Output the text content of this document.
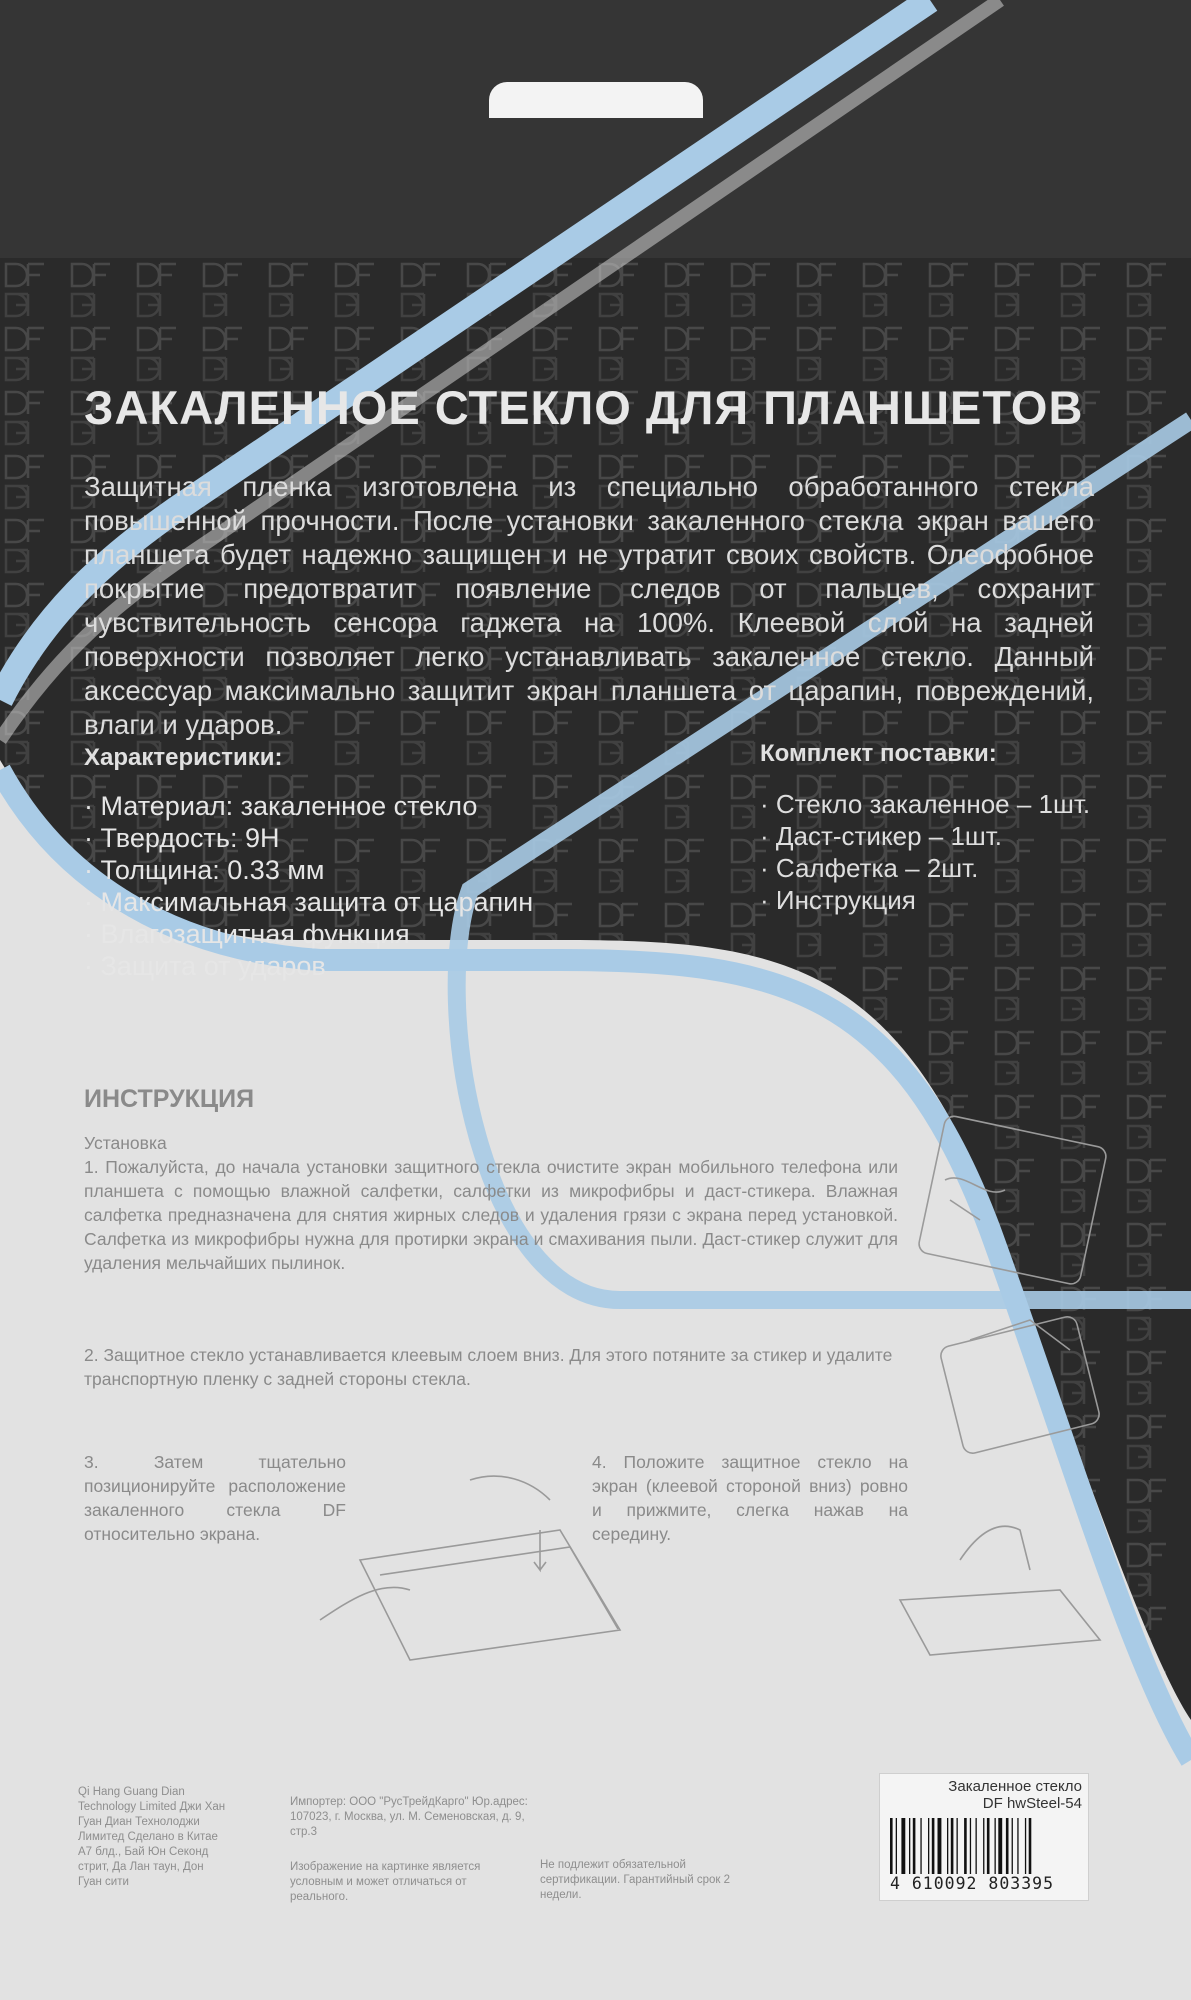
ЗАКАЛЕННОЕ СТЕКЛО ДЛЯ ПЛАНШЕТОВ
Защитная пленка изготовлена из специально обработанного стекла повышенной прочности. После установки закаленного стекла экран вашего планшета будет надежно защищен и не утратит своих свойств. Олеофобное покрытие предотвратит появление следов от пальцев, сохранит чувствительность сенсора гаджета на 100%. Клеевой слой на задней поверхности позволяет легко устанавливать закаленное стекло. Данный аксессуар максимально защитит экран планшета от царапин, повреждений, влаги и ударов.
Характеристики:
· Материал: закаленное стекло
· Твердость: 9H
· Толщина: 0.33 мм
· Максимальная защита от царапин
· Влагозащитная функция
· Защита от ударов
Комплект поставки:
· Стекло закаленное – 1шт.
· Даст-стикер – 1шт.
· Салфетка – 2шт.
· Инструкция
ИНСТРУКЦИЯ
Установка
1. Пожалуйста, до начала установки защитного стекла очистите экран мобильного телефона или планшета с помощью влажной салфетки, салфетки из микрофибры и даст-стикера. Влажная салфетка предназначена для снятия жирных следов и удаления грязи с экрана перед установкой. Салфетка из микрофибры нужна для протирки экрана и смахивания пыли. Даст-стикер служит для удаления мельчайших пылинок.
2. Защитное стекло устанавливается клеевым слоем вниз. Для этого потяните за стикер и удалите транспортную пленку с задней стороны стекла.
3. Затем тщательно позиционируйте расположение закаленного стекла DF относительно экрана.
4. Положите защитное стекло на экран (клеевой стороной вниз) ровно и прижмите, слегка нажав на середину.
Qi Hang Guang Dian Technology Limited Джи Хан Гуан Диан Технолоджи Лимитед Сделано в Китае А7 блд., Бай Юн Секонд стрит, Да Лан таун, Дон Гуан сити
Импортер: ООО "РусТрейдКарго" Юр.адрес: 107023, г. Москва, ул. М. Семеновская, д. 9, стр.3
Изображение на картинке является условным и может отличаться от реального.
Не подлежит обязательной сертификации. Гарантийный срок 2 недели.
Закаленное стекло
DF hwSteel-54
4 610092 803395
